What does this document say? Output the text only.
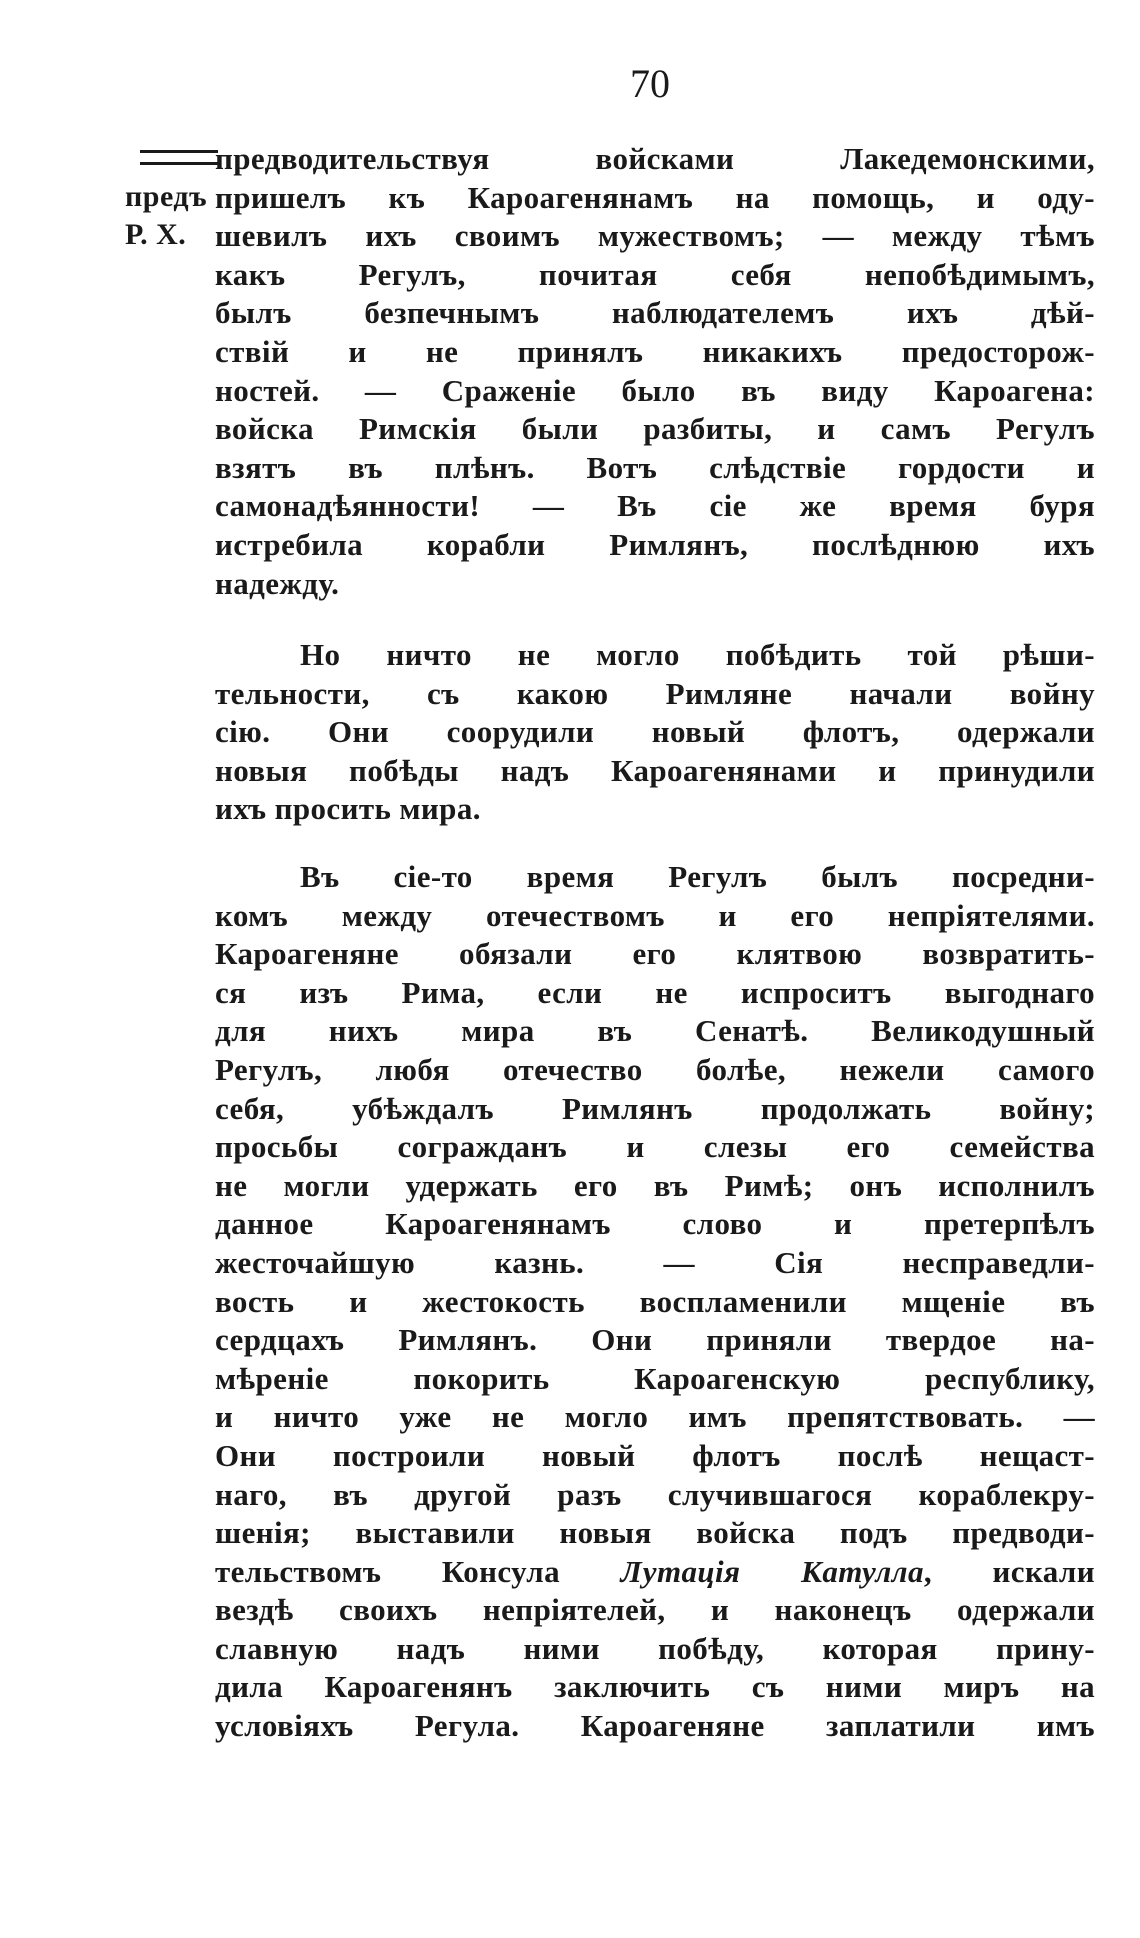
70
предъ
Р. Х.
предводительствуя войсками Лакедемонскими,
пришелъ къ Кароагенянамъ на помощь, и оду-
шевилъ ихъ своимъ мужествомъ; — между тѣмъ
какъ Регулъ, почитая себя непобѣдимымъ,
былъ безпечнымъ наблюдателемъ ихъ дѣй-
ствій и не принялъ никакихъ предосторож-
ностей. — Сраженіе было въ виду Кароагена:
войска Римскія были разбиты, и самъ Регулъ
взятъ въ плѣнъ. Вотъ слѣдствіе гордости и
самонадѣянности! — Въ сіе же время буря
истребила корабли Римлянъ, послѣднюю ихъ
надежду.
Но ничто не могло побѣдить той рѣши-
тельности, съ какою Римляне начали войну
сію. Они соорудили новый флотъ, одержали
новыя побѣды надъ Кароагенянами и принудили
ихъ просить мира.
Въ сіе-то время Регулъ былъ посредни-
комъ между отечествомъ и его непріятелями.
Кароагеняне обязали его клятвою возвратить-
ся изъ Рима, если не испроситъ выгоднаго
для нихъ мира въ Сенатѣ. Великодушный
Регулъ, любя отечество болѣе, нежели самого
себя, убѣждалъ Римлянъ продолжать войну;
просьбы согражданъ и слезы его семейства
не могли удержать его въ Римѣ; онъ исполнилъ
данное Кароагенянамъ слово и претерпѣлъ
жесточайшую казнь. — Сія несправедли-
вость и жестокость воспламенили мщеніе въ
сердцахъ Римлянъ. Они приняли твердое на-
мѣреніе покорить Кароагенскую республику,
и ничто уже не могло имъ препятствовать. —
Они построили новый флотъ послѣ нещаст-
наго, въ другой разъ случившагося кораблекру-
шенія; выставили новыя войска подъ предводи-
тельствомъ Консула Лутація Катулла, искали
вездѣ своихъ непріятелей, и наконецъ одержали
славную надъ ними побѣду, которая прину-
дила Кароагенянъ заключить съ ними миръ на
условіяхъ Регула. Кароагеняне заплатили имъ
